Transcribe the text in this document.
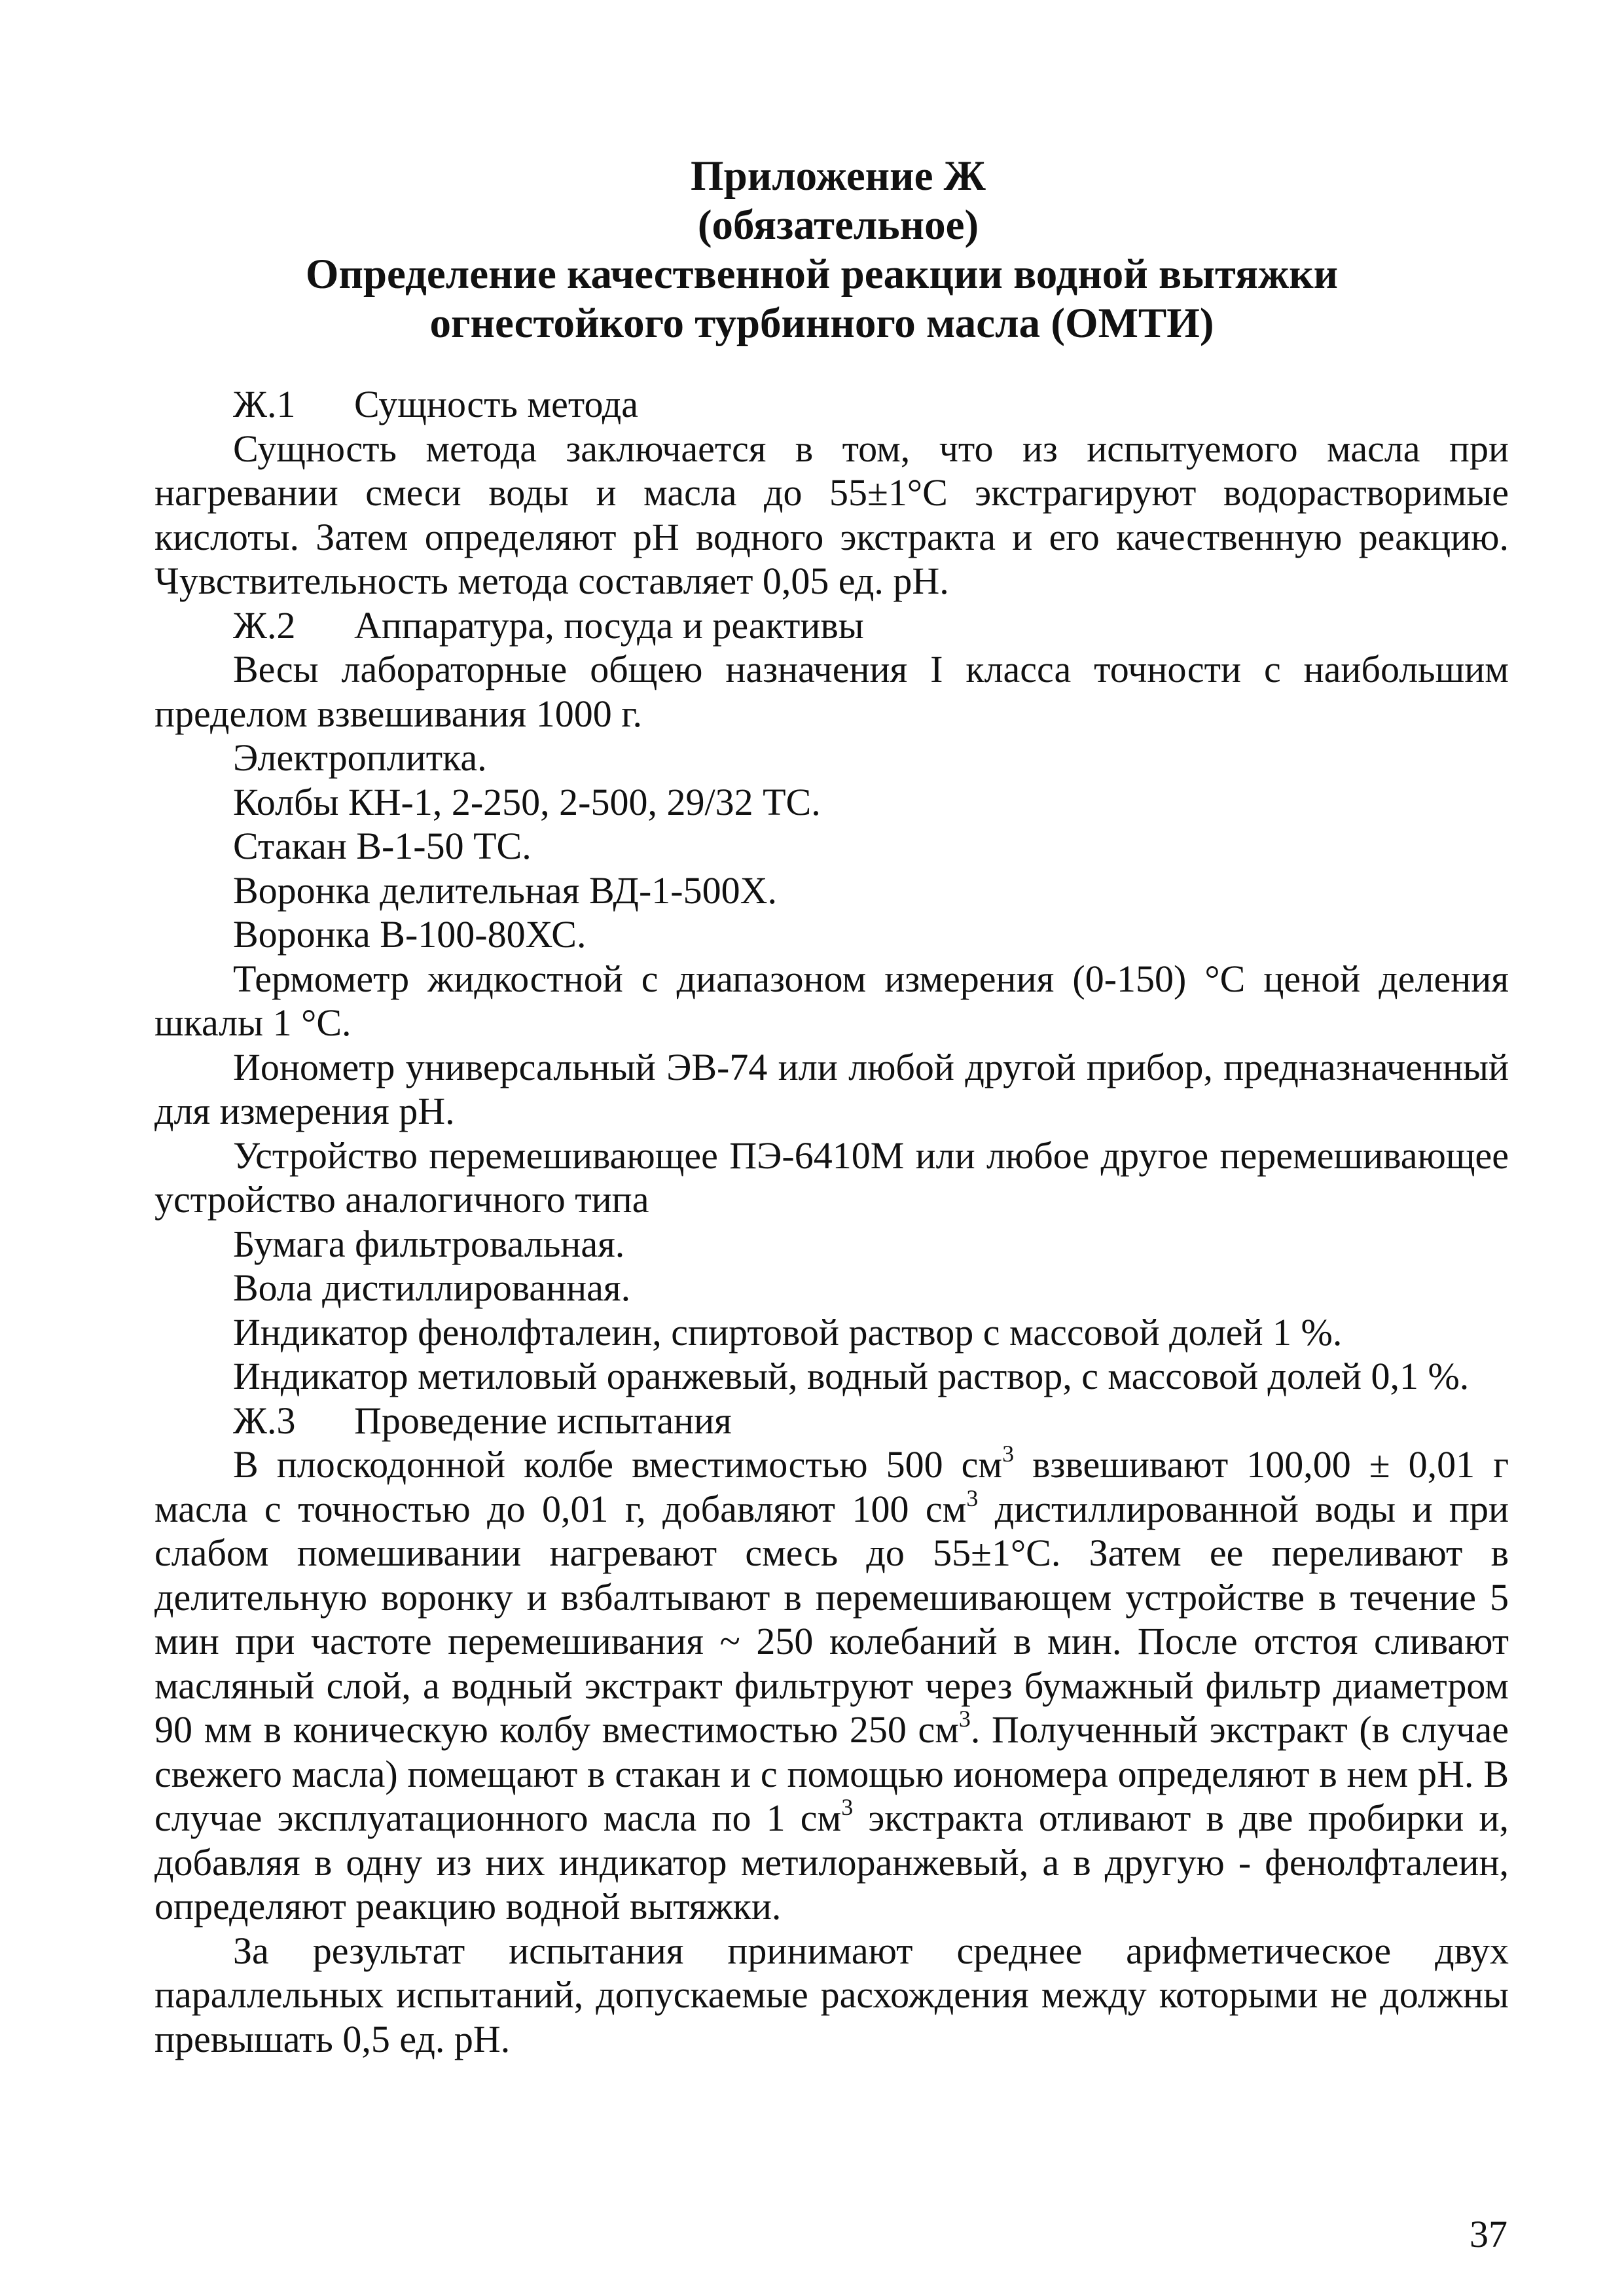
Приложение Ж
(обязательное)
Определение качественной реакции водной вытяжки
огнестойкого турбинного масла (ОМТИ)

Ж.1 Сущность метода

Сущность метода заключается в том, что из испытуемого масла при нагревании смеси воды и масла до 55±1°С экстрагируют водорастворимые кислоты. Затем определяют рН водного экстракта и его качественную реакцию. Чувствительность метода составляет 0,05 ед. рН.

Ж.2 Аппаратура, посуда и реактивы

Весы лабораторные общею назначения I класса точности с наибольшим пределом взвешивания 1000 г.

Электроплитка.

Колбы КН-1, 2-250, 2-500, 29/32 ТС.

Стакан В-1-50 ТС.

Воронка делительная ВД-1-500Х.

Воронка В-100-80ХС.

Термометр жидкостной с диапазоном измерения (0-150) °С ценой деления шкалы 1 °С.

Ионометр универсальный ЭВ-74 или любой другой прибор, предназначенный для измерения рН.

Устройство перемешивающее ПЭ-6410М или любое другое перемешивающее устройство аналогичного типа

Бумага фильтровальная.

Вола дистиллированная.

Индикатор фенолфталеин, спиртовой раствор с массовой долей 1 %.

Индикатор метиловый оранжевый, водный раствор, с массовой долей 0,1 %.

Ж.3 Проведение испытания

В плоскодонной колбе вместимостью 500 $см^3$ взвешивают 100,00 ± 0,01 г масла с точностью до 0,01 г, добавляют 100 $см^3$ дистиллированной воды и при слабом помешивании нагревают смесь до 55±1°С. Затем ее переливают в делительную воронку и взбалтывают в перемешивающем устройстве в течение 5 мин при частоте перемешивания ~ 250 колебаний в мин. После отстоя сливают масляный слой, а водный экстракт фильтруют через бумажный фильтр диаметром 90 мм в коническую колбу вместимостью 250 $см^3$. Полученный экстракт (в случае свежего масла) помещают в стакан и с помощью иономера определяют в нем рН. В случае эксплуатационного масла по 1 $см^3$ экстракта отливают в две пробирки и, добавляя в одну из них индикатор метилоранжевый, а в другую - фенолфталеин, определяют реакцию водной вытяжки.

За результат испытания принимают среднее арифметическое двух параллельных испытаний, допускаемые расхождения между которыми не должны превышать 0,5 ед. рН.

37
